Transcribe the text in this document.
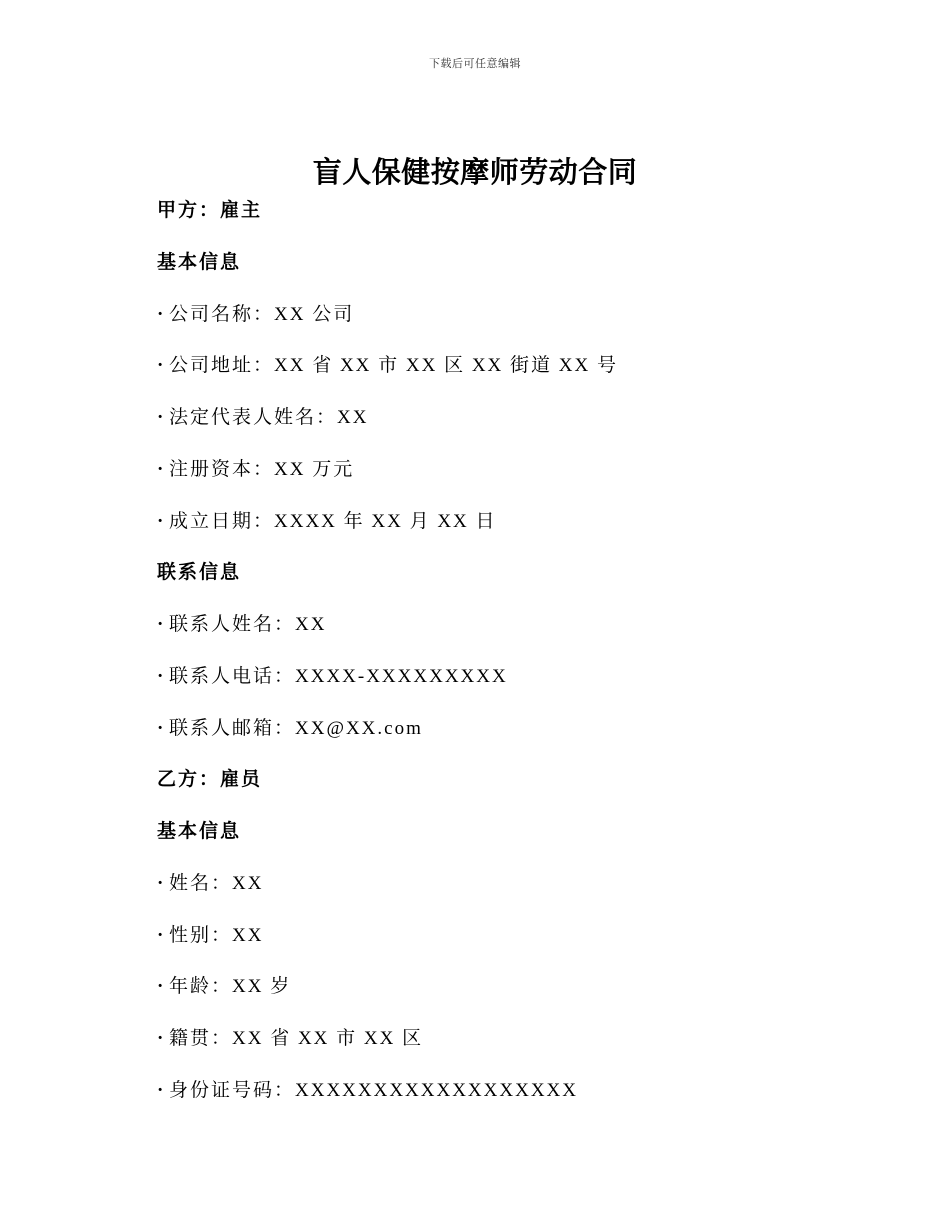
下载后可任意编辑
盲人保健按摩师劳动合同
甲方：雇主
基本信息
· 公司名称：XX 公司
· 公司地址：XX 省 XX 市 XX 区 XX 街道 XX 号
· 法定代表人姓名：XX
· 注册资本：XX 万元
· 成立日期：XXXX 年 XX 月 XX 日
联系信息
· 联系人姓名：XX
· 联系人电话：XXXX-XXXXXXXXX
· 联系人邮箱：XX@XX.com
乙方：雇员
基本信息
· 姓名：XX
· 性别：XX
· 年龄：XX 岁
· 籍贯：XX 省 XX 市 XX 区
· 身份证号码：XXXXXXXXXXXXXXXXXX
